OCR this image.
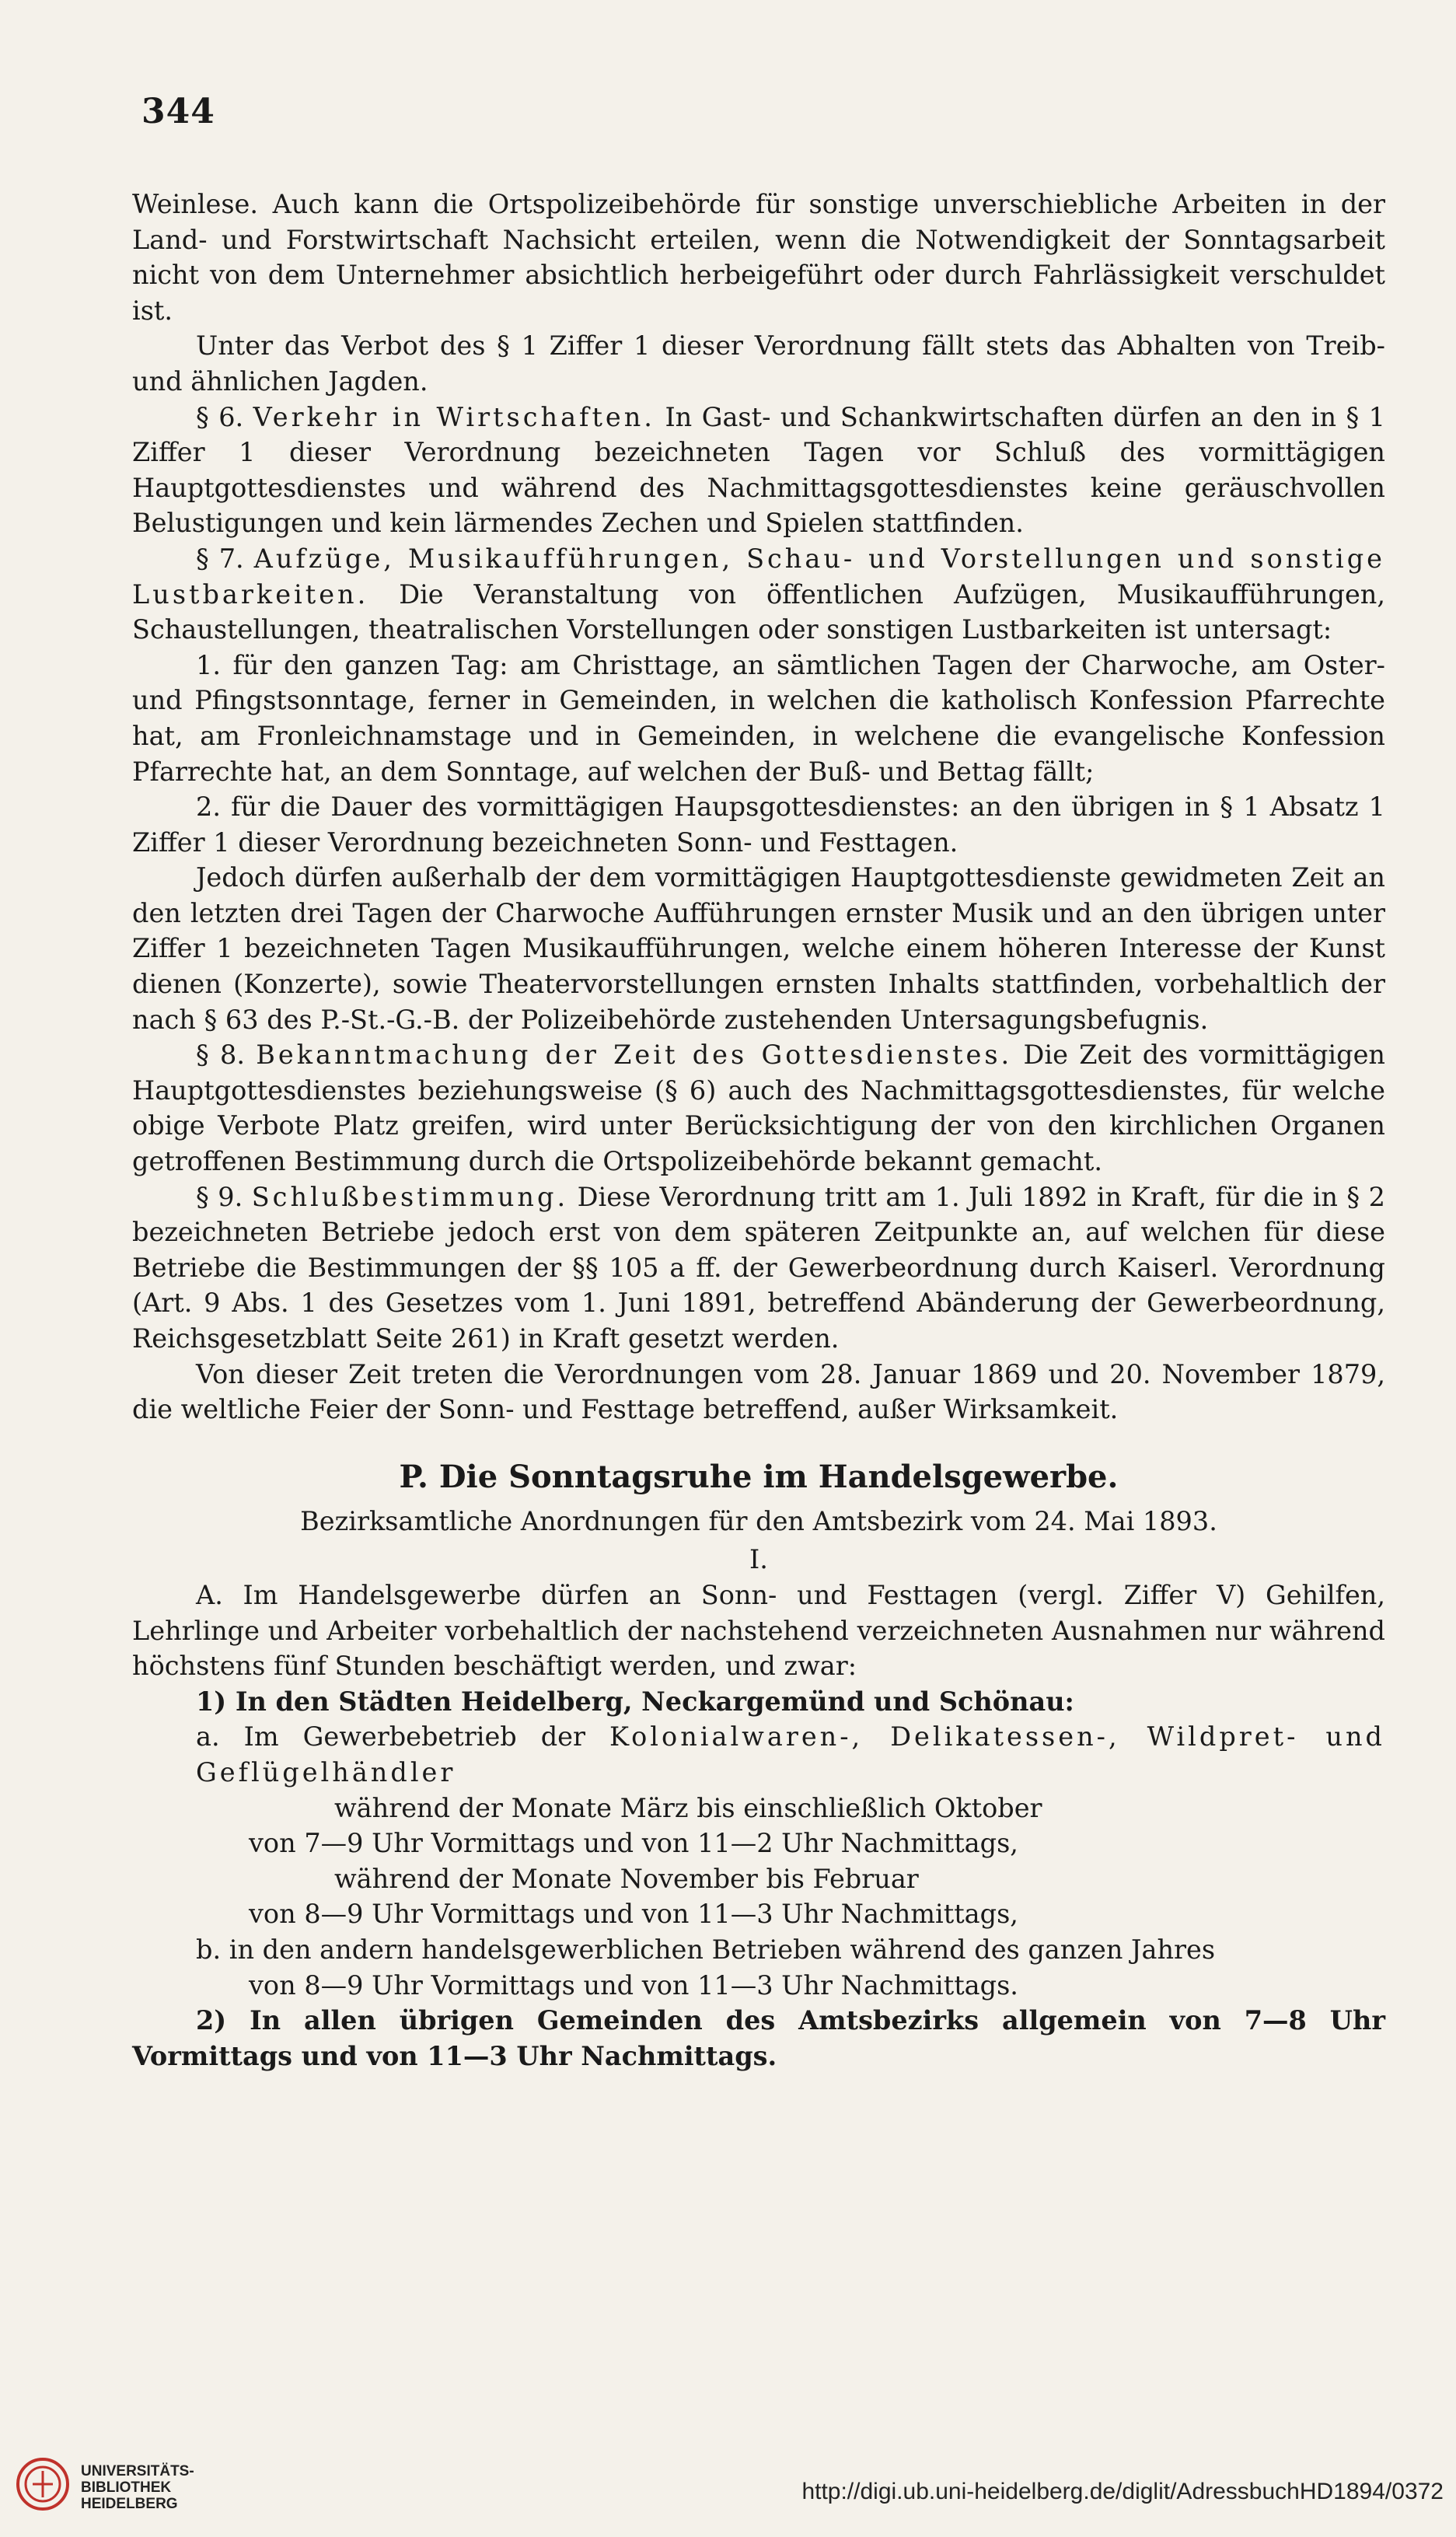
344

Weinlese. Auch kann die Ortspolizeibehörde für sonstige unverschiebliche Arbeiten in der Land- und Forstwirtschaft Nachsicht erteilen, wenn die Notwendigkeit der Sonntagsarbeit nicht von dem Unternehmer absichtlich herbeigeführt oder durch Fahrlässigkeit verschuldet ist.

Unter das Verbot des § 1 Ziffer 1 dieser Verordnung fällt stets das Abhalten von Treib- und ähnlichen Jagden.

§ 6. Verkehr in Wirtschaften. In Gast- und Schankwirtschaften dürfen an den in § 1 Ziffer 1 dieser Verordnung bezeichneten Tagen vor Schluß des vormittägigen Hauptgottesdienstes und während des Nachmittagsgottesdienstes keine geräuschvollen Belustigungen und kein lärmendes Zechen und Spielen stattfinden.

§ 7. Aufzüge, Musikaufführungen, Schau- und Vorstellungen und sonstige Lustbarkeiten. Die Veranstaltung von öffentlichen Aufzügen, Musikaufführungen, Schaustellungen, theatralischen Vorstellungen oder sonstigen Lustbarkeiten ist untersagt:

1. für den ganzen Tag: am Christtage, an sämtlichen Tagen der Charwoche, am Oster- und Pfingstsonntage, ferner in Gemeinden, in welchen die katholisch Konfession Pfarrechte hat, am Fronleichnamstage und in Gemeinden, in welchene die evangelische Konfession Pfarrechte hat, an dem Sonntage, auf welchen der Buß- und Bettag fällt;

2. für die Dauer des vormittägigen Haupsgottesdienstes: an den übrigen in § 1 Absatz 1 Ziffer 1 dieser Verordnung bezeichneten Sonn- und Festtagen.

Jedoch dürfen außerhalb der dem vormittägigen Hauptgottesdienste gewidmeten Zeit an den letzten drei Tagen der Charwoche Aufführungen ernster Musik und an den übrigen unter Ziffer 1 bezeichneten Tagen Musikaufführungen, welche einem höheren Interesse der Kunst dienen (Konzerte), sowie Theatervorstellungen ernsten Inhalts stattfinden, vorbehaltlich der nach § 63 des P.-St.-G.-B. der Polizeibehörde zustehenden Untersagungsbefugnis.

§ 8. Bekanntmachung der Zeit des Gottesdienstes. Die Zeit des vormittägigen Hauptgottesdienstes beziehungsweise (§ 6) auch des Nachmittagsgottesdienstes, für welche obige Verbote Platz greifen, wird unter Berücksichtigung der von den kirchlichen Organen getroffenen Bestimmung durch die Ortspolizeibehörde bekannt gemacht.

§ 9. Schlußbestimmung. Diese Verordnung tritt am 1. Juli 1892 in Kraft, für die in § 2 bezeichneten Betriebe jedoch erst von dem späteren Zeitpunkte an, auf welchen für diese Betriebe die Bestimmungen der §§ 105 a ff. der Gewerbeordnung durch Kaiserl. Verordnung (Art. 9 Abs. 1 des Gesetzes vom 1. Juni 1891, betreffend Abänderung der Gewerbeordnung, Reichsgesetzblatt Seite 261) in Kraft gesetzt werden.

Von dieser Zeit treten die Verordnungen vom 28. Januar 1869 und 20. November 1879, die weltliche Feier der Sonn- und Festtage betreffend, außer Wirksamkeit.

P. Die Sonntagsruhe im Handelsgewerbe.

Bezirksamtliche Anordnungen für den Amtsbezirk vom 24. Mai 1893.

I.

A. Im Handelsgewerbe dürfen an Sonn- und Festtagen (vergl. Ziffer V) Gehilfen, Lehrlinge und Arbeiter vorbehaltlich der nachstehend verzeichneten Ausnahmen nur während höchstens fünf Stunden beschäftigt werden, und zwar:

1) In den Städten Heidelberg, Neckargemünd und Schönau:

a. Im Gewerbebetrieb der Kolonialwaren-, Delikatessen-, Wildpret- und Geflügelhändler

während der Monate März bis einschließlich Oktober

von 7—9 Uhr Vormittags und von 11—2 Uhr Nachmittags,

während der Monate November bis Februar

von 8—9 Uhr Vormittags und von 11—3 Uhr Nachmittags,

b. in den andern handelsgewerblichen Betrieben während des ganzen Jahres

von 8—9 Uhr Vormittags und von 11—3 Uhr Nachmittags.

2) In allen übrigen Gemeinden des Amtsbezirks allgemein von 7—8 Uhr Vormittags und von 11—3 Uhr Nachmittags.

UNIVERSITÄTS-
BIBLIOTHEK
HEIDELBERG	http://digi.ub.uni-heidelberg.de/diglit/AdressbuchHD1894/0372
